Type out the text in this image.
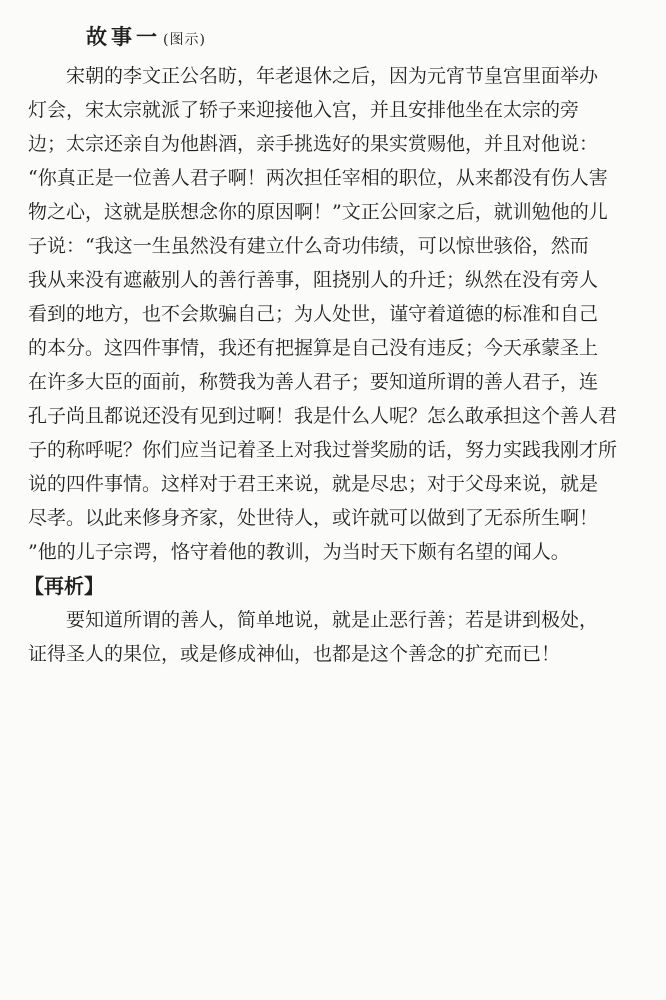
故事一 (图示)
宋朝的李文正公名昉，年老退休之后，因为元宵节皇宫里面举办
灯会，宋太宗就派了轿子来迎接他入宫，并且安排他坐在太宗的旁
边；太宗还亲自为他斟酒，亲手挑选好的果实赏赐他，并且对他说：
“你真正是一位善人君子啊！两次担任宰相的职位，从来都没有伤人害
物之心，这就是朕想念你的原因啊！”文正公回家之后，就训勉他的儿
子说：“我这一生虽然没有建立什么奇功伟绩，可以惊世骇俗，然而
我从来没有遮蔽别人的善行善事，阻挠别人的升迁；纵然在没有旁人
看到的地方，也不会欺骗自己；为人处世，谨守着道德的标准和自己
的本分。这四件事情，我还有把握算是自己没有违反；今天承蒙圣上
在许多大臣的面前，称赞我为善人君子；要知道所谓的善人君子，连
孔子尚且都说还没有见到过啊！我是什么人呢？怎么敢承担这个善人君
子的称呼呢？你们应当记着圣上对我过誉奖励的话，努力实践我刚才所
说的四件事情。这样对于君王来说，就是尽忠；对于父母来说，就是
尽孝。以此来修身齐家，处世待人，或许就可以做到了无忝所生啊！
”他的儿子宗谔，恪守着他的教训，为当时天下颇有名望的闻人。
【再析】
要知道所谓的善人，简单地说，就是止恶行善；若是讲到极处，
证得圣人的果位，或是修成神仙，也都是这个善念的扩充而已！
